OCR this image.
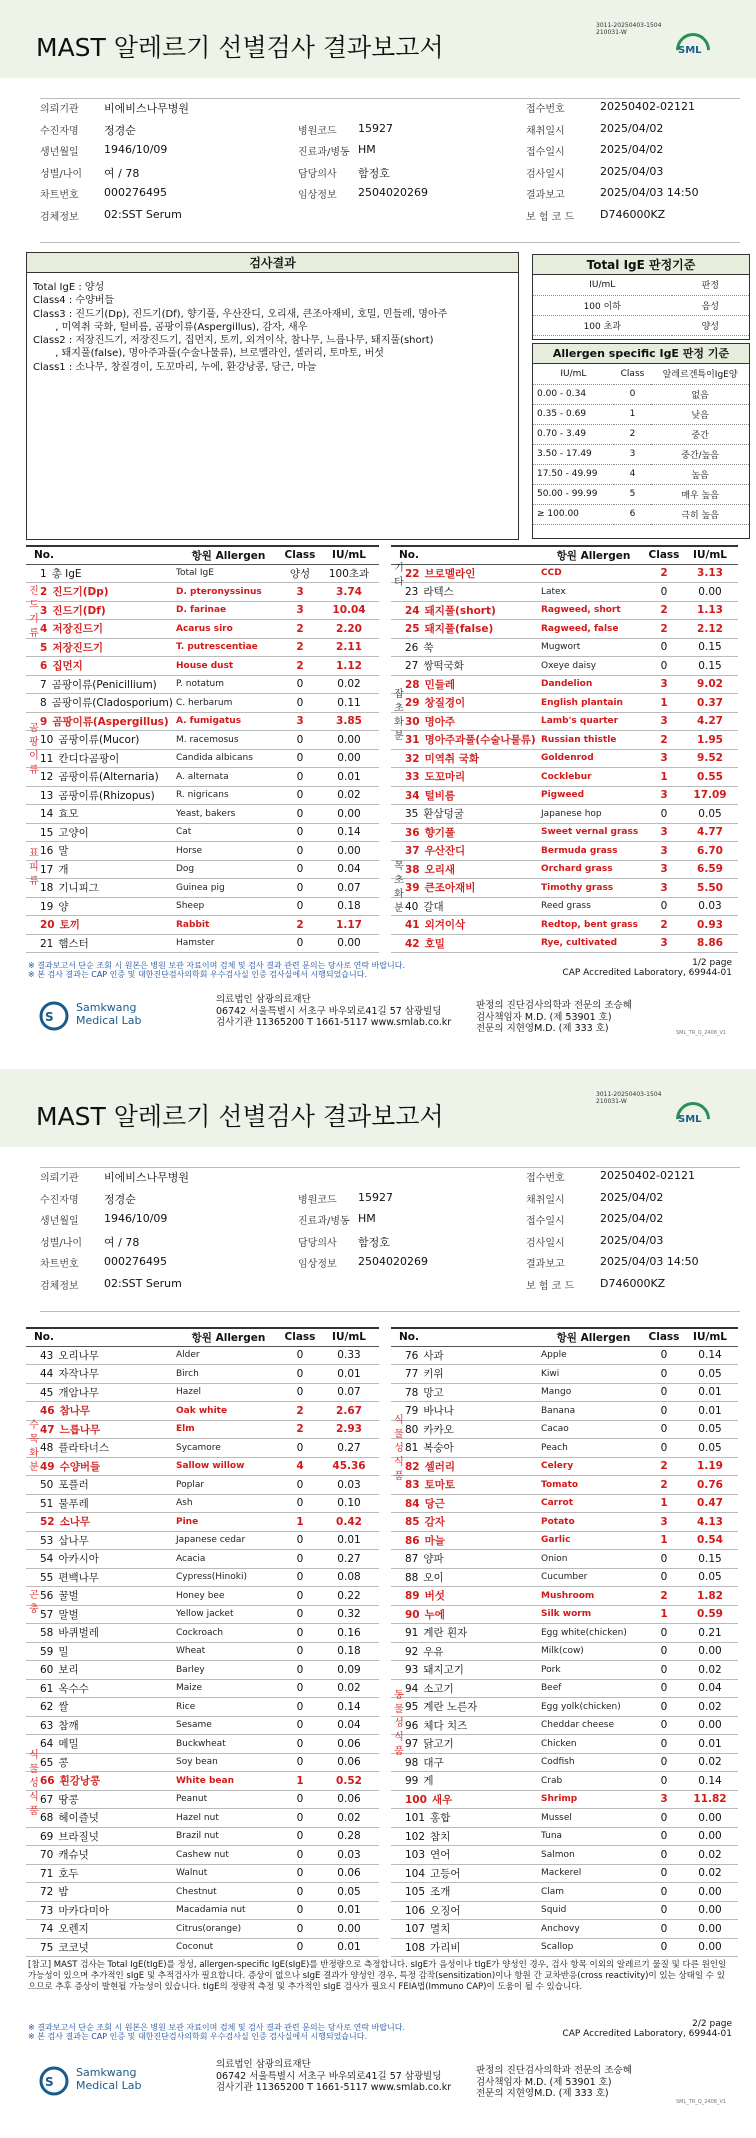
MAST 알레르기 선별검사 결과보고서
3011-20250403-1504
210031-W
SML
의뢰기관 비에비스나무병원	접수번호	20250402-02121
수진자명 정경순	병원코드 15927	채취일시	2025/04/02
생년월일 1946/10/09	진료과/병동 HM	접수일시	2025/04/02
성별/나이 여 / 78	담당의사 함정호	검사일시	2025/04/03
차트번호 000276495	임상정보 2504020269	결과보고	2025/04/03 14:50
검체정보 02:SST Serum	보 험 코 드 D746000KZ
검사결과
Total IgE : 양성
Class4 : 수양버들
Class3 : 진드기(Dp), 진드기(Df), 향기풀, 우산잔디, 오리새, 큰조아재비, 호밀, 민들레, 명아주
, 미역취 국화, 털비름, 곰팡이류(Aspergillus), 감자, 새우
Class2 : 저장진드기, 저장진드기, 집먼지, 토끼, 외겨이삭, 참나무, 느릅나무, 돼지풀(short)
, 돼지풀(false), 명아주과풀(수술나물류), 브로멜라인, 셀러리, 토마토, 버섯
Class1 : 소나무, 창질경이, 도꼬마리, 누에, 환강낭콩, 당근, 마늘
Total IgE 판정기준
IU/mL	판정
100 이하	음성
100 초과	양성
Allergen specific IgE 판정 기준
IU/mL	Class	알레르겐특이IgE양
0.00 - 0.34	0	없음
0.35 - 0.69	1	낮음
0.70 - 3.49	2	중간
3.50 - 17.49	3	중간/높음
17.50 - 49.99	4	높음
50.00 - 99.99	5	매우 높음
≥ 100.00	6	극히 높음
No.	항원 Allergen	Class	IU/mL
1 총 IgE	Total IgE	양성	100초과
2 진드기(Dp)	D. pteronyssinus	3	3.74
3 진드기(Df)	D. farinae	3	10.04
4 저장진드기	Acarus siro	2	2.20
5 저장진드기	T. putrescentiae	2	2.11
6 집먼지	House dust	2	1.12
7 곰팡이류(Penicillium)	P. notatum	0	0.02
8 곰팡이류(Cladosporium)	C. herbarum	0	0.11
9 곰팡이류(Aspergillus)	A. fumigatus	3	3.85
10 곰팡이류(Mucor)	M. racemosus	0	0.00
11 칸디다곰팡이	Candida albicans	0	0.00
12 곰팡이류(Alternaria)	A. alternata	0	0.01
13 곰팡이류(Rhizopus)	R. nigricans	0	0.02
14 효모	Yeast, bakers	0	0.00
15 고양이	Cat	0	0.14
16 말	Horse	0	0.00
17 개	Dog	0	0.04
18 기니피그	Guinea pig	0	0.07
19 양	Sheep	0	0.18
20 토끼	Rabbit	2	1.17
21 햄스터	Hamster	0	0.00
No.	항원 Allergen	Class	IU/mL
22 브로멜라인	CCD	2	3.13
23 라텍스	Latex	0	0.00
24 돼지풀(short)	Ragweed, short	2	1.13
25 돼지풀(false)	Ragweed, false	2	2.12
26 쑥	Mugwort	0	0.15
27 쌍떡국화	Oxeye daisy	0	0.15
28 민들레	Dandelion	3	9.02
29 창질경이	English plantain	1	0.37
30 명아주	Lamb's quarter	3	4.27
31 명아주과풀(수술나물류)	Russian thistle	2	1.95
32 미역취 국화	Goldenrod	3	9.52
33 도꼬마리	Cocklebur	1	0.55
34 털비름	Pigweed	3	17.09
35 환삼덩굴	Japanese hop	0	0.05
36 향기풀	Sweet vernal grass	3	4.77
37 우산잔디	Bermuda grass	3	6.70
38 오리새	Orchard grass	3	6.59
39 큰조아재비	Timothy grass	3	5.50
40 갈대	Reed grass	0	0.03
41 외겨이삭	Redtop, bent grass	2	0.93
42 호밀	Rye, cultivated	3	8.86
진드기류
곰팡이류
표피류
기타
잡초화분
목초화분
※ 결과보고서 단순 조회 시 원본은 병원 보관 자료이며 검체 및 검사 결과 관련 문의는 당사로 연락 바랍니다.
※ 본 검사 결과는 CAP 인증 및 대한진단검사의학회 우수검사실 인증 검사실에서 시행되었습니다.
1/2 page
CAP Accredited Laboratory, 69944-01
S
Samkwang
Medical Lab
의료법인 삼광의료재단
06742 서울특별시 서초구 바우뫼로41길 57 삼광빌딩
검사기관 11365200 T 1661-5117 www.smlab.co.kr
판정의 진단검사의학과 전문의 조승혜
검사책임자 M.D. (제 53901 호)
전문의 지현영M.D. (제 333 호)	SML_TR_Q_2408_V1
MAST 알레르기 선별검사 결과보고서
3011-20250403-1504
210031-W
SML
의뢰기관 비에비스나무병원	접수번호	20250402-02121
수진자명 정경순	병원코드 15927	채취일시	2025/04/02
생년월일 1946/10/09	진료과/병동 HM	접수일시	2025/04/02
성별/나이 여 / 78	담당의사 함정호	검사일시	2025/04/03
차트번호 000276495	임상정보 2504020269	결과보고	2025/04/03 14:50
검체정보 02:SST Serum	보 험 코 드 D746000KZ
No.	항원 Allergen	Class	IU/mL
43 오리나무	Alder	0	0.33
44 자작나무	Birch	0	0.01
45 개암나무	Hazel	0	0.07
46 참나무	Oak white	2	2.67
47 느릅나무	Elm	2	2.93
48 플라타너스	Sycamore	0	0.27
49 수양버들	Sallow willow	4	45.36
50 포플러	Poplar	0	0.03
51 물푸레	Ash	0	0.10
52 소나무	Pine	1	0.42
53 삼나무	Japanese cedar	0	0.01
54 아카시아	Acacia	0	0.27
55 편백나무	Cypress(Hinoki)	0	0.08
56 꿀벌	Honey bee	0	0.22
57 말벌	Yellow jacket	0	0.32
58 바퀴벌레	Cockroach	0	0.16
59 밀	Wheat	0	0.18
60 보리	Barley	0	0.09
61 옥수수	Maize	0	0.02
62 쌀	Rice	0	0.14
63 참깨	Sesame	0	0.04
64 메밀	Buckwheat	0	0.06
65 콩	Soy bean	0	0.06
66 흰강낭콩	White bean	1	0.52
67 땅콩	Peanut	0	0.06
68 헤이즐넛	Hazel nut	0	0.02
69 브라질넛	Brazil nut	0	0.28
70 캐슈넛	Cashew nut	0	0.03
71 호두	Walnut	0	0.06
72 밤	Chestnut	0	0.05
73 마카다미아	Macadamia nut	0	0.01
74 오렌지	Citrus(orange)	0	0.00
75 코코넛	Coconut	0	0.01
No.	항원 Allergen	Class	IU/mL
76 사과	Apple	0	0.14
77 키위	Kiwi	0	0.05
78 망고	Mango	0	0.01
79 바나나	Banana	0	0.01
80 카카오	Cacao	0	0.05
81 복숭아	Peach	0	0.05
82 셀러리	Celery	2	1.19
83 토마토	Tomato	2	0.76
84 당근	Carrot	1	0.47
85 감자	Potato	3	4.13
86 마늘	Garlic	1	0.54
87 양파	Onion	0	0.15
88 오이	Cucumber	0	0.05
89 버섯	Mushroom	2	1.82
90 누에	Silk worm	1	0.59
91 계란 흰자	Egg white(chicken)	0	0.21
92 우유	Milk(cow)	0	0.00
93 돼지고기	Pork	0	0.02
94 소고기	Beef	0	0.04
95 계란 노른자	Egg yolk(chicken)	0	0.02
96 체다 치즈	Cheddar cheese	0	0.00
97 닭고기	Chicken	0	0.01
98 대구	Codfish	0	0.02
99 게	Crab	0	0.14
100 새우	Shrimp	3	11.82
101 홍합	Mussel	0	0.00
102 참치	Tuna	0	0.00
103 연어	Salmon	0	0.02
104 고등어	Mackerel	0	0.02
105 조개	Clam	0	0.00
106 오징어	Squid	0	0.00
107 멸치	Anchovy	0	0.00
108 가리비	Scallop	0	0.00
수목화분
곤충
식물성식품
식물성식품
동물성식품
[참고] MAST 검사는 Total IgE(tIgE)를 정성, allergen-specific IgE(sIgE)를 반정량으로 측정합니다. sIgE가 음성이나 tIgE가 양성인 경우, 검사 항목 이외의 알레르기 물질 및 다른 원인일 가능성이 있으며 추가적인 sIgE 및 추적검사가 필요합니다. 증상이 없으나 sIgE 결과가 양성인 경우, 특정 감작(sensitization)이나 항원 간 교차반응(cross reactivity)이 있는 상태일 수 있으므로 추후 증상이 발현될 가능성이 있습니다. tIgE의 정량적 측정 및 추가적인 sIgE 검사가 필요시 FEIA법(Immuno CAP)이 도움이 될 수 있습니다.
※ 결과보고서 단순 조회 시 원본은 병원 보관 자료이며 검체 및 검사 결과 관련 문의는 당사로 연락 바랍니다.
※ 본 검사 결과는 CAP 인증 및 대한진단검사의학회 우수검사실 인증 검사실에서 시행되었습니다.
2/2 page
CAP Accredited Laboratory, 69944-01
S
Samkwang
Medical Lab
의료법인 삼광의료재단
06742 서울특별시 서초구 바우뫼로41길 57 삼광빌딩
검사기관 11365200 T 1661-5117 www.smlab.co.kr
판정의 진단검사의학과 전문의 조승혜
검사책임자 M.D. (제 53901 호)
전문의 지현영M.D. (제 333 호)
SML_TR_Q_2408_V1
